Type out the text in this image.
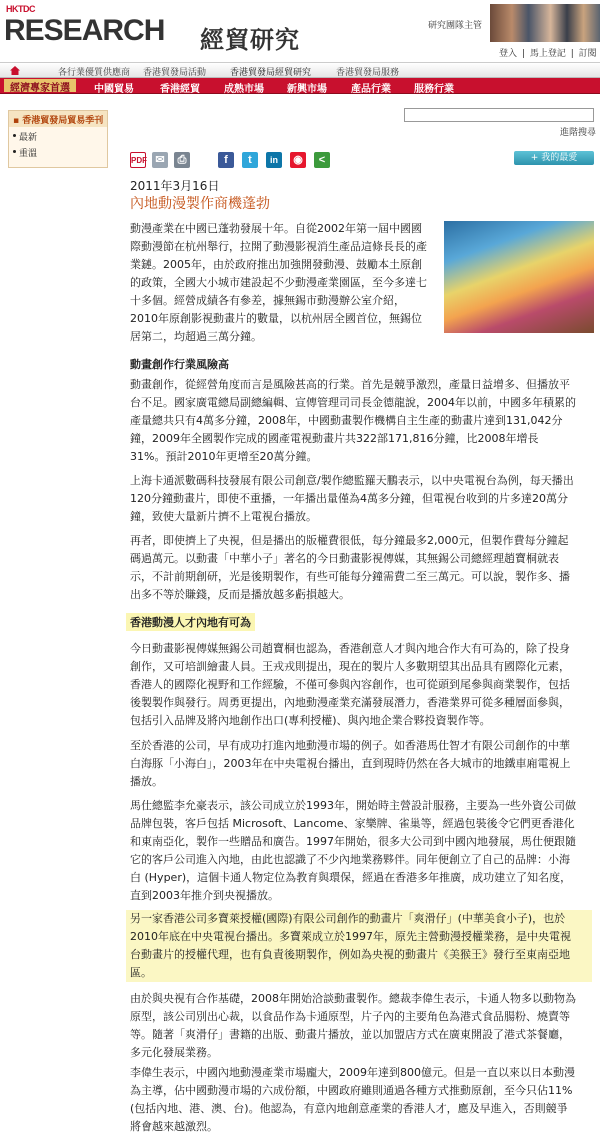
HKTDC
RESEARCH 經貿研究	研究團隊主管
登入 | 馬上登記 | 訂閱
各行業優質供應商 香港貿發局活動	香港貿發局經貿研究	香港貿發局服務
經濟專家首選	中國貿易	香港經貿 成熟市場 新興市場 產品行業 服務行業
▪ 香港貿發局貿易季刊
最新
重溫
進階搜尋
PDF ✉	⎙	f	t	in	◉	<	+ 我的最愛
2011年3月16日
內地動漫製作商機蓬勃
動漫產業在中國已蓬勃發展十年。自從2002年第一屆中國國
際動漫節在杭州舉行，拉開了動漫影視消生產品這條長長的產
業鏈。2005年，由於政府推出加強開發動漫、鼓勵本土原創
的政策，全國大小城市建設起不少動漫產業園區，至今多達七
十多個。經營成績各有參差，據無錫市動漫辦公室介紹，
2010年原創影視動畫片的數量，以杭州居全國首位，無錫位
居第二，均超過三萬分鐘。
動畫創作行業風險高
動畫創作，從經營角度而言是風險甚高的行業。首先是競爭激烈，產量日益增多、但播放平
台不足。國家廣電總局副總編輯、宣傳管理司司長金德龍說，2004年以前，中國多年積累的
產量總共只有4萬多分鐘，2008年，中國動畫製作機構自主生產的動畫片達到131,042分
鐘，2009年全國製作完成的國產電視動畫片共322部171,816分鐘，比2008年增長
31%。預計2010年更增至20萬分鐘。
上海卡通派數碼科技發展有限公司創意/製作總監羅天鵬表示，以中央電視台為例，每天播出
120分鐘動畫片，即使不重播，一年播出量僅為4萬多分鐘，但電視台收到的片多達20萬分
鐘，致使大量新片擠不上電視台播放。
再者，即使擠上了央視，但是播出的版權費很低，每分鐘最多2,000元，但製作費每分鐘起
碼過萬元。以動畫「中華小子」著名的今日動畫影視傳媒，其無錫公司總經理趙寶桐就表
示，不計前期創研，光是後期製作，有些可能每分鐘需費二至三萬元。可以說，製作多、播
出多不等於賺錢，反而是播放越多虧損越大。
香港動漫人才內地有可為
今日動畫影視傳媒無錫公司趙寶桐也認為，香港創意人才與內地合作大有可為的，除了投身
創作，又可培訓繪畫人員。王戎戎則提出，現在的製片人多數期望其出品具有國際化元素，
香港人的國際化視野和工作經驗，不僅可參與內容創作，也可從頭到尾參與商業製作，包括
後製製作與發行。周勇更提出，內地動漫產業充滿發展潛力，香港業界可從多種層面參與，
包括引入品牌及將內地創作出口(專利授權)、與內地企業合夥投資製作等。
至於香港的公司，早有成功打進內地動漫市場的例子。如香港馬仕智才有限公司創作的中華
白海豚「小海白」，2003年在中央電視台播出，直到現時仍然在各大城市的地鐵車廂電視上
播放。
馬仕總監李允豪表示，該公司成立於1993年，開始時主營設計服務，主要為一些外資公司做
品牌包裝，客戶包括 Microsoft、Lancome、家樂牌、雀巢等，經過包裝後令它們更香港化
和東南亞化，製作一些贈品和廣告。1997年開始，很多大公司到中國內地發展，馬仕便跟隨
它的客戶公司進入內地，由此也認識了不少內地業務夥伴。同年便創立了自己的品牌：小海
白 (Hyper)，這個卡通人物定位為教育與環保，經過在香港多年推廣，成功建立了知名度，
直到2003年推介到央視播放。
另一家香港公司多寶萊授權(國際)有限公司創作的動畫片「爽滑仔」(中華美食小子)，也於
2010年底在中央電視台播出。多寶萊成立於1997年，原先主營動漫授權業務，是中央電視
台動畫片的授權代理，也有負責後期製作，例如為央視的動畫片《美猴王》發行至東南亞地
區。
由於與央視有合作基礎，2008年開始洽談動畫製作。總裁李偉生表示，卡通人物多以動物為
原型，該公司別出心裁，以食品作為卡通原型，片子內的主要角色為港式食品腸粉、燒賣等
等。隨著「爽滑仔」書籍的出版、動畫片播放，並以加盟店方式在廣東開設了港式茶餐廳，
多元化發展業務。
李偉生表示，中國內地動漫產業市場龐大，2009年達到800億元。但是一直以來以日本動漫
為主導，佔中國動漫市場的六成份額，中國政府雖則通過各種方式推動原創，至今只佔11%
(包括內地、港、澳、台)。他認為，有意內地創意產業的香港人才，應及早進入，否則競爭
將會越來越激烈。
